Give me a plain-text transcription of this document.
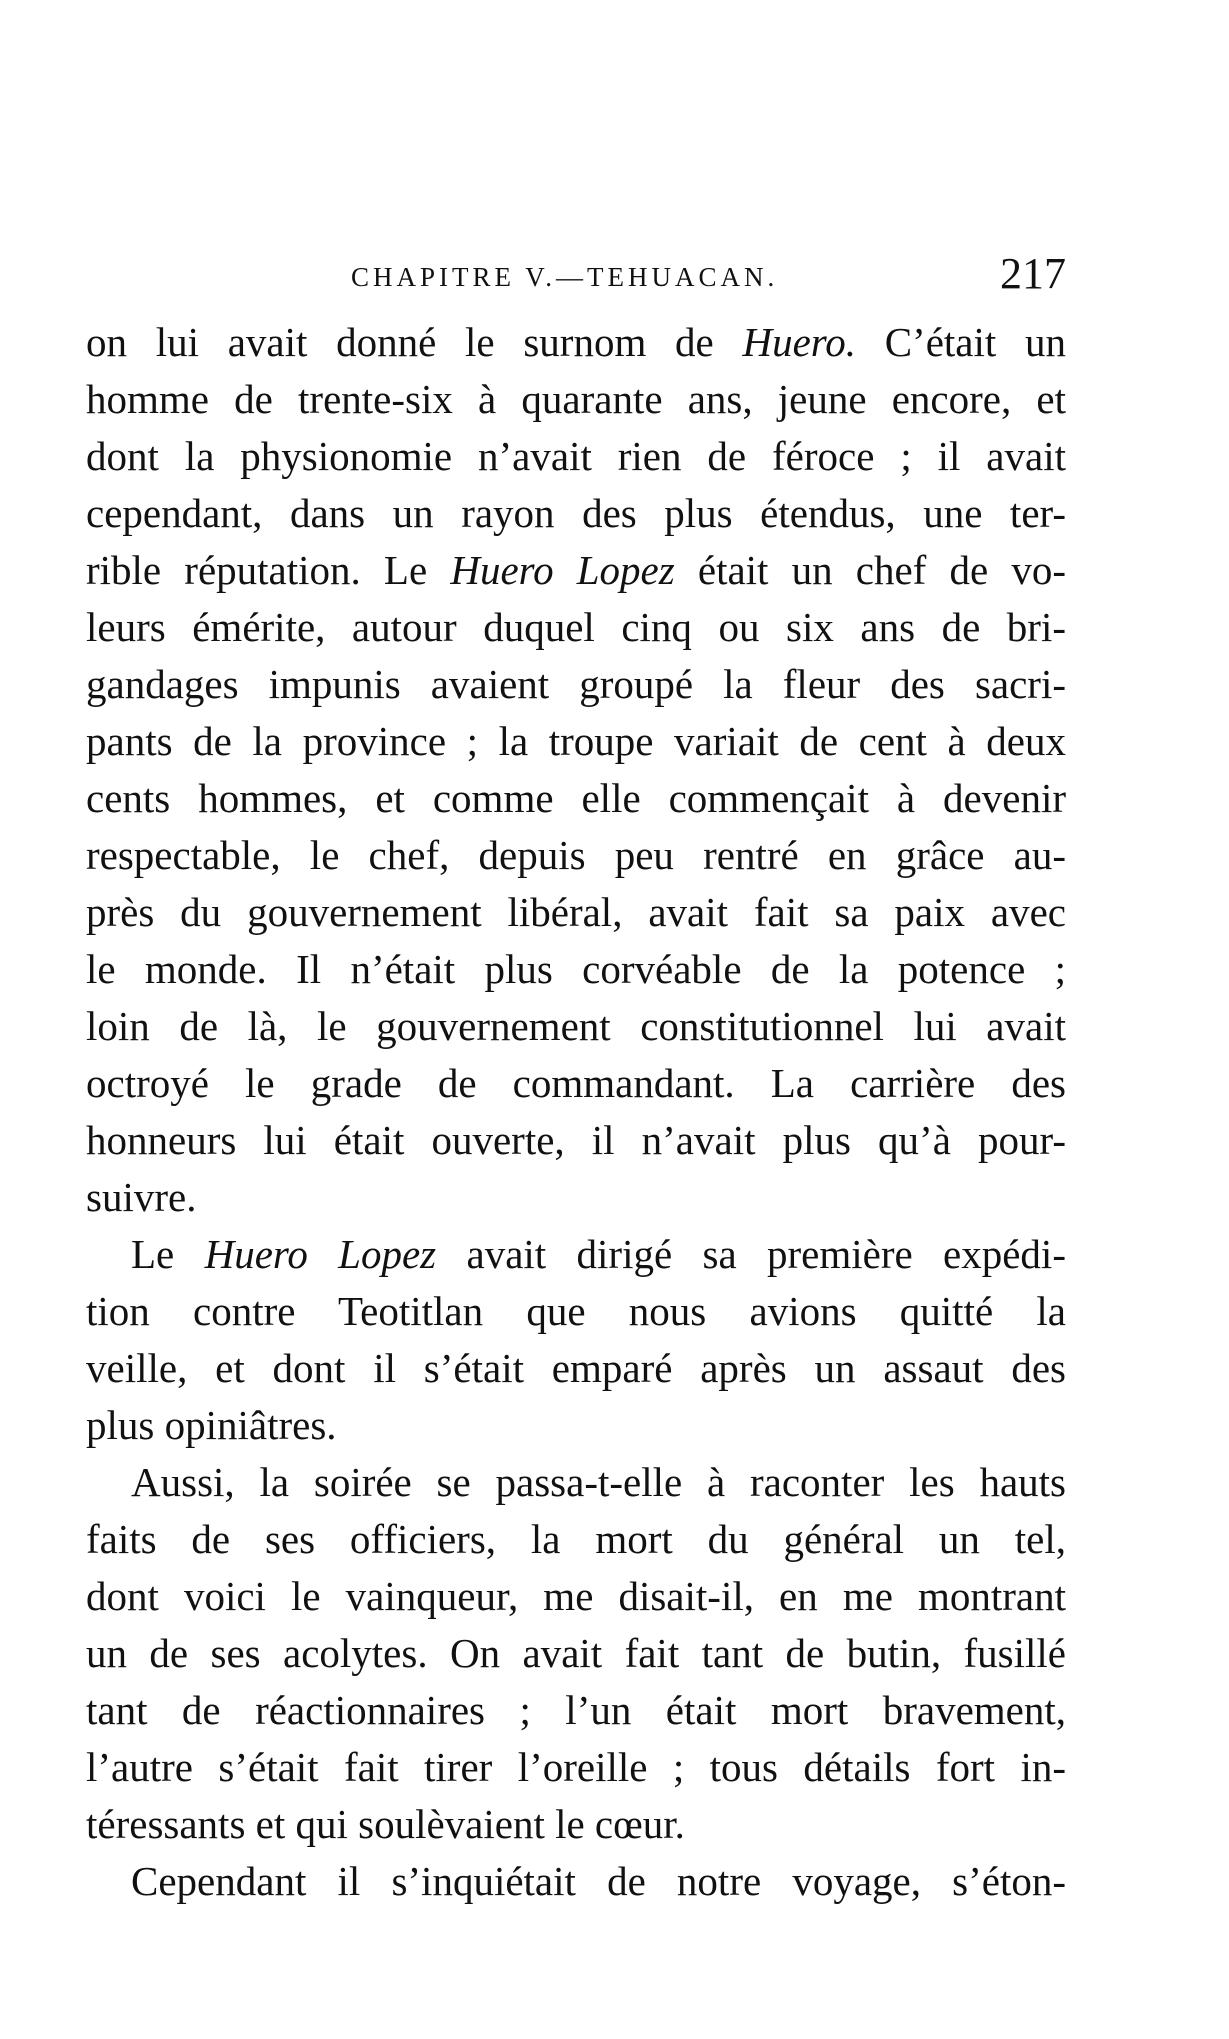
CHAPITRE V.—TEHUACAN.	217
on lui avait donné le surnom de Huero. C’était un
homme de trente-six à quarante ans, jeune encore, et
dont la physionomie n’avait rien de féroce ; il avait
cependant, dans un rayon des plus étendus, une ter-
rible réputation. Le Huero Lopez était un chef de vo-
leurs émérite, autour duquel cinq ou six ans de bri-
gandages impunis avaient groupé la fleur des sacri-
pants de la province ; la troupe variait de cent à deux
cents hommes, et comme elle commençait à devenir
respectable, le chef, depuis peu rentré en grâce au-
près du gouvernement libéral, avait fait sa paix avec
le monde. Il n’était plus corvéable de la potence ;
loin de là, le gouvernement constitutionnel lui avait
octroyé le grade de commandant. La carrière des
honneurs lui était ouverte, il n’avait plus qu’à pour-
suivre.
Le Huero Lopez avait dirigé sa première expédi-
tion contre Teotitlan que nous avions quitté la
veille, et dont il s’était emparé après un assaut des
plus opiniâtres.
Aussi, la soirée se passa-t-elle à raconter les hauts
faits de ses officiers, la mort du général un tel,
dont voici le vainqueur, me disait-il, en me montrant
un de ses acolytes. On avait fait tant de butin, fusillé
tant de réactionnaires ; l’un était mort bravement,
l’autre s’était fait tirer l’oreille ; tous détails fort in-
téressants et qui soulèvaient le cœur.
Cependant il s’inquiétait de notre voyage, s’éton-
